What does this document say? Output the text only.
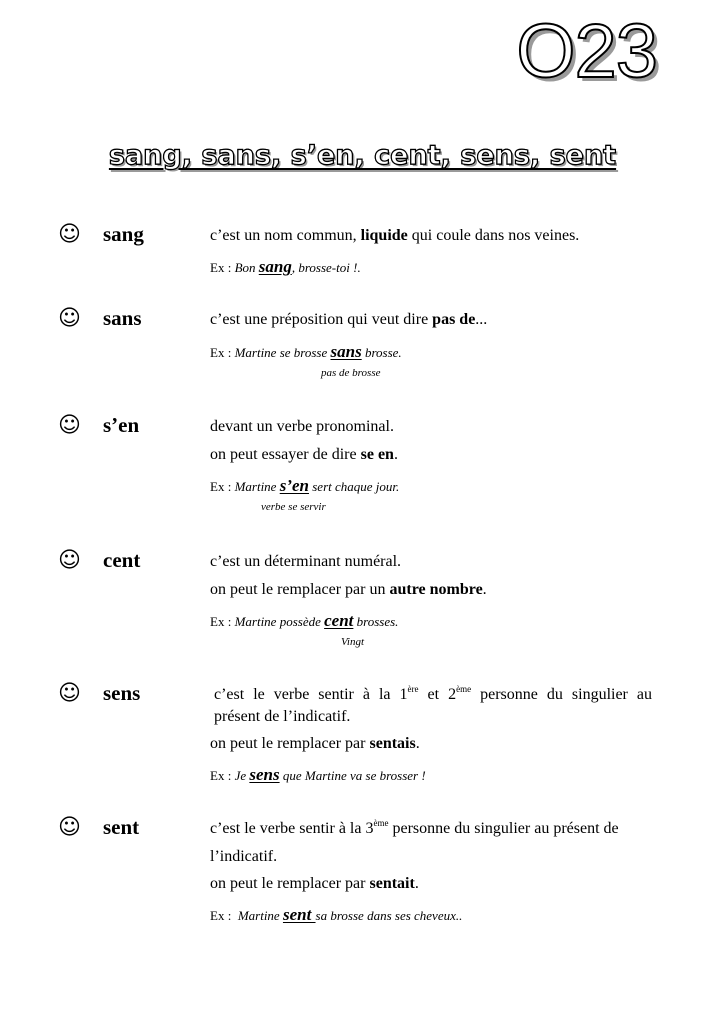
O23
sang, sans, s’en, cent, sens, sent
☺ sang	c’est un nom commun, liquide qui coule dans nos veines.
Ex : Bon sang, brosse-toi !.
☺ sans	c’est une préposition qui veut dire pas de...
Ex : Martine se brosse sans brosse.
pas de brosse
☺ s’en	devant un verbe pronominal.
on peut essayer de dire se en.
Ex : Martine s’en sert chaque jour.
verbe se servir
☺ cent	c’est un déterminant numéral.
on peut le remplacer par un autre nombre.
Ex : Martine possède cent brosses.
Vingt
☺ sens	c’est le verbe sentir à la 1ère et 2ème personne du singulier au
présent de l’indicatif.
on peut le remplacer par sentais.
Ex : Je sens que Martine va se brosser !
☺ sent	c’est le verbe sentir à la 3ème personne du singulier au présent de
l’indicatif.
on peut le remplacer par sentait.
Ex :  Martine sent sa brosse dans ses cheveux..
